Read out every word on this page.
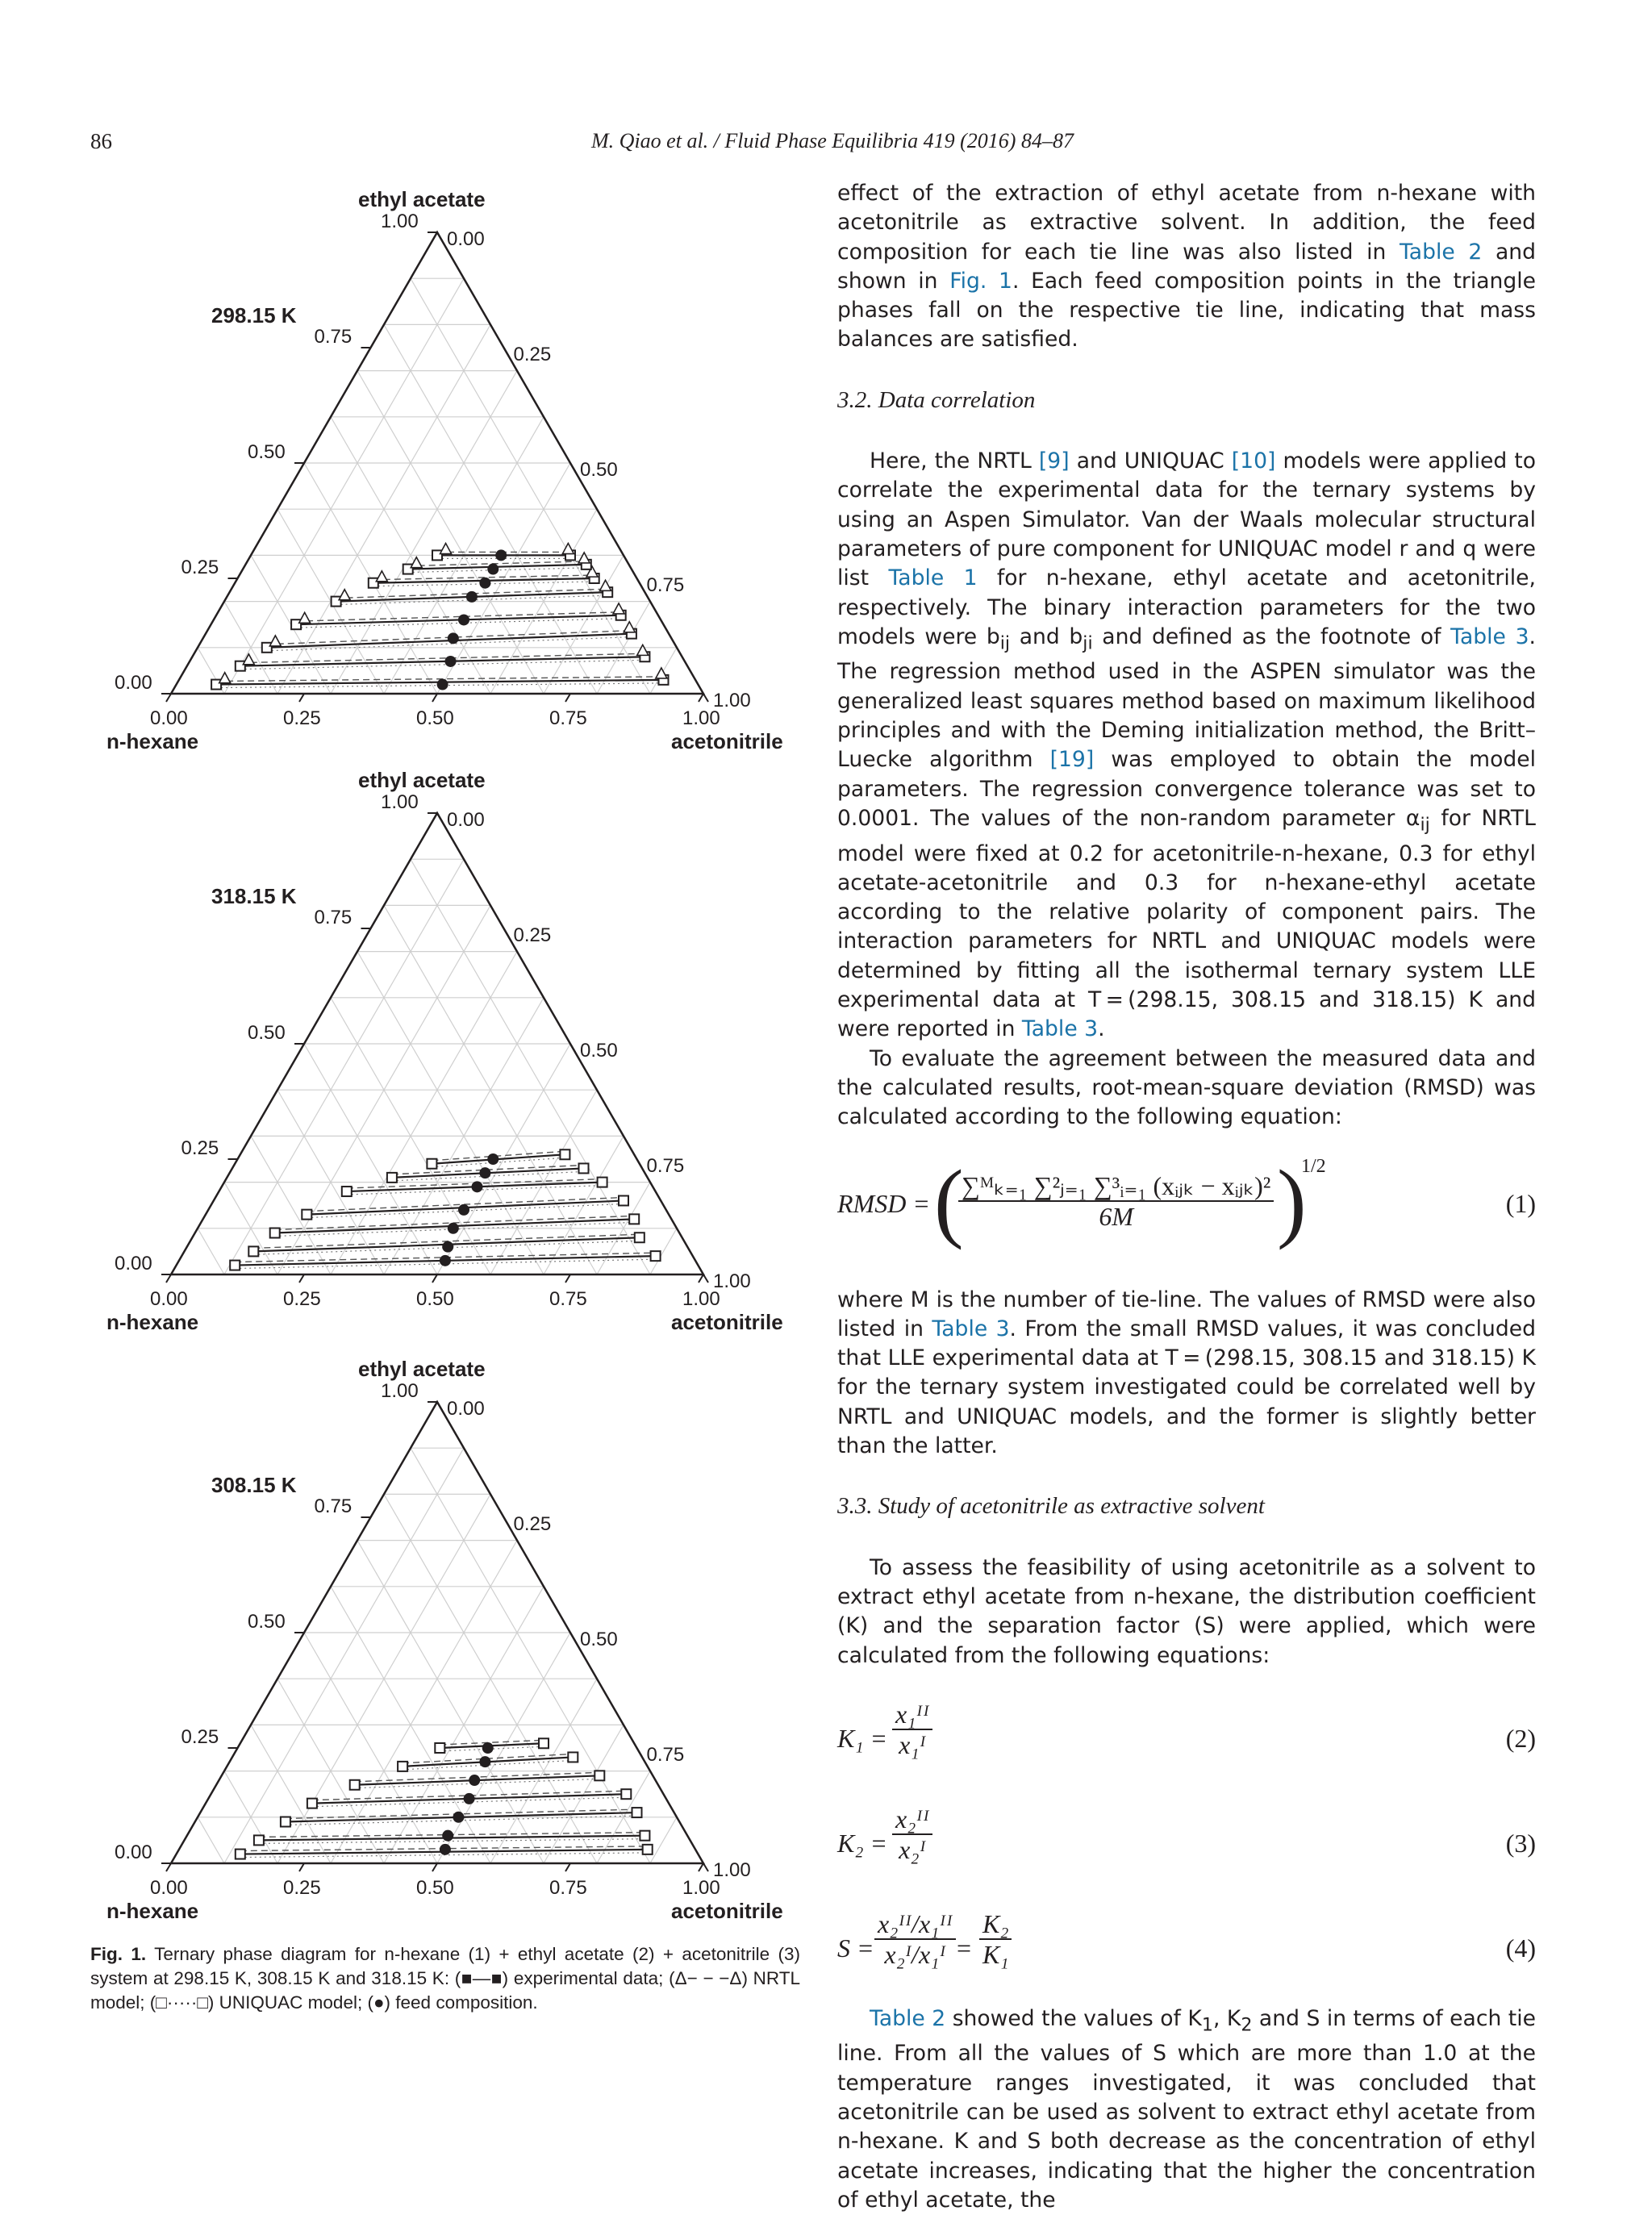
86	M. Qiao et al. / Fluid Phase Equilibria 419 (2016) 84–87
0.00
1.00
1.00
0.25
0.75
0.75
0.50
0.50
0.50
0.75
0.25
0.25
1.00
0.00
0.00
ethyl acetate
n-hexane	acetonitrile
298.15 K
0.00
1.00
1.00
0.25
0.75
0.75
0.50
0.50
0.50
0.75
0.25
0.25
1.00
0.00
0.00
ethyl acetate
n-hexane	acetonitrile
318.15 K
0.00
1.00
1.00
0.25
0.75
0.75
0.50
0.50
0.50
0.75
0.25
0.25
1.00
0.00
0.00
ethyl acetate
n-hexane	acetonitrile
308.15 K
Fig. 1. Ternary phase diagram for n-hexane (1) + ethyl acetate (2) + acetonitrile (3) system at 298.15 K, 308.15 K and 318.15 K: (■—■) experimental data; (Δ− − −Δ) NRTL model; (□·····□) UNIQUAC model; (●) feed composition.

effect of the extraction of ethyl acetate from n-hexane with acetonitrile as extractive solvent. In addition, the feed composition for each tie line was also listed in Table 2 and shown in Fig. 1. Each feed composition points in the triangle phases fall on the respective tie line, indicating that mass balances are satisfied.

3.2. Data correlation

Here, the NRTL [9] and UNIQUAC [10] models were applied to correlate the experimental data for the ternary systems by using an Aspen Simulator. Van der Waals molecular structural parameters of pure component for UNIQUAC model r and q were list Table 1 for n-hexane, ethyl acetate and acetonitrile, respectively. The binary interaction parameters for the two models were $b_{ij}$ and $b_{ji}$ and defined as the footnote of Table 3. The regression method used in the ASPEN simulator was the generalized least squares method based on maximum likelihood principles and with the Deming initialization method, the Britt–Luecke algorithm [19] was employed to obtain the model parameters. The regression convergence tolerance was set to 0.0001. The values of the non-random parameter $\alpha_{ij}$ for NRTL model were fixed at 0.2 for acetonitrile-n-hexane, 0.3 for ethyl acetate-acetonitrile and 0.3 for n-hexane-ethyl acetate according to the relative polarity of component pairs. The interaction parameters for NRTL and UNIQUAC models were determined by fitting all the isothermal ternary system LLE experimental data at T = (298.15, 308.15 and 318.15) K and were reported in Table 3.

To evaluate the agreement between the measured data and the calculated results, root-mean-square deviation (RMSD) was calculated according to the following equation:

RMSD = (
∑ᴹₖ₌₁ ∑²ⱼ₌₁ ∑³ᵢ₌₁ (xᵢⱼₖ − xᵢⱼₖ)²
6M	)
1/2
(1)

where M is the number of tie-line. The values of RMSD were also listed in Table 3. From the small RMSD values, it was concluded that LLE experimental data at T = (298.15, 308.15 and 318.15) K for the ternary system investigated could be correlated well by NRTL and UNIQUAC models, and the former is slightly better than the latter.

3.3. Study of acetonitrile as extractive solvent

To assess the feasibility of using acetonitrile as a solvent to extract ethyl acetate from n-hexane, the distribution coefficient (K) and the separation factor (S) were applied, which were calculated from the following equations:

$K_1 = \frac{\text{x₁ᴵᴵ}}{\text{x₁ᴵ}}$	(2)
$K_2 = \frac{\text{x₂ᴵᴵ}}{\text{x₂ᴵ}}$	(3)
$S = \frac{\text{x₂ᴵᴵ/x₁ᴵᴵ}}{\text{x₂ᴵ/x₁ᴵ}} = \frac{\text{K₂}}{\text{K₁}}$	(4)

Table 2 showed the values of $K_1$, $K_2$ and S in terms of each tie line. From all the values of S which are more than 1.0 at the temperature ranges investigated, it was concluded that acetonitrile can be used as solvent to extract ethyl acetate from n-hexane. K and S both decrease as the concentration of ethyl acetate increases, indicating that the higher the concentration of ethyl acetate, the
